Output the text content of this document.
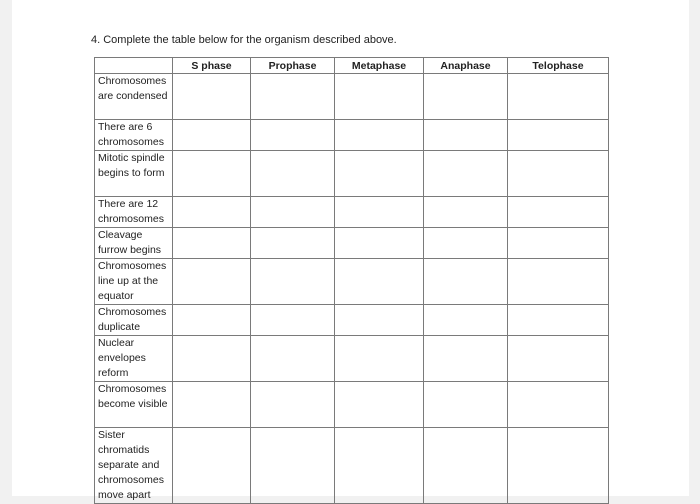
4. Complete the table below for the organism described above.
	S phase	Prophase	Metaphase	Anaphase	Telophase
Chromosomes are condensed					
There are 6 chromosomes					
Mitotic spindle begins to form					
There are 12 chromosomes					
Cleavage furrow begins					
Chromosomes line up at the equator					
Chromosomes duplicate					
Nuclear envelopes reform					
Chromosomes become visible					
Sister chromatids separate and chromosomes move apart					
